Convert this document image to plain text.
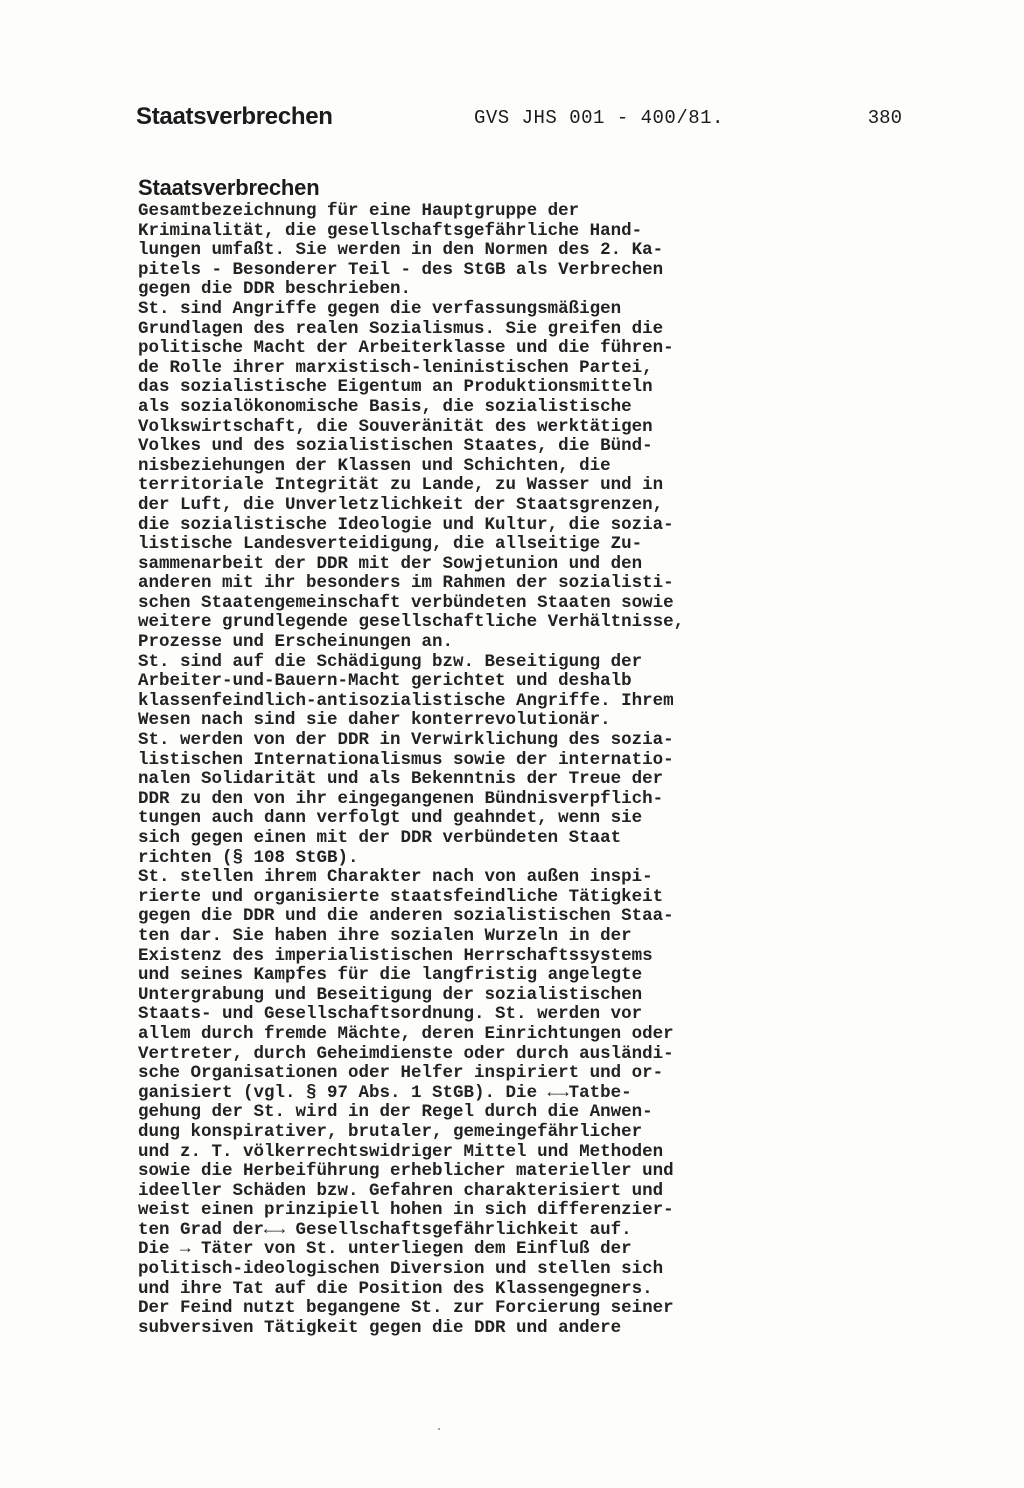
Staatsverbrechen	GVS JHS 001 - 400/81.	380
Staatsverbrechen
Gesamtbezeichnung für eine Hauptgruppe der
Kriminalität, die gesellschaftsgefährliche Hand-
lungen umfaßt. Sie werden in den Normen des 2. Ka-
pitels - Besonderer Teil - des StGB als Verbrechen
gegen die DDR beschrieben.
St. sind Angriffe gegen die verfassungsmäßigen
Grundlagen des realen Sozialismus. Sie greifen die
politische Macht der Arbeiterklasse und die führen-
de Rolle ihrer marxistisch-leninistischen Partei,
das sozialistische Eigentum an Produktionsmitteln
als sozialökonomische Basis, die sozialistische
Volkswirtschaft, die Souveränität des werktätigen
Volkes und des sozialistischen Staates, die Bünd-
nisbeziehungen der Klassen und Schichten, die
territoriale Integrität zu Lande, zu Wasser und in
der Luft, die Unverletzlichkeit der Staatsgrenzen,
die sozialistische Ideologie und Kultur, die sozia-
listische Landesverteidigung, die allseitige Zu-
sammenarbeit der DDR mit der Sowjetunion und den
anderen mit ihr besonders im Rahmen der sozialisti-
schen Staatengemeinschaft verbündeten Staaten sowie
weitere grundlegende gesellschaftliche Verhältnisse,
Prozesse und Erscheinungen an.
St. sind auf die Schädigung bzw. Beseitigung der
Arbeiter-und-Bauern-Macht gerichtet und deshalb
klassenfeindlich-antisozialistische Angriffe. Ihrem
Wesen nach sind sie daher konterrevolutionär.
St. werden von der DDR in Verwirklichung des sozia-
listischen Internationalismus sowie der internatio-
nalen Solidarität und als Bekenntnis der Treue der
DDR zu den von ihr eingegangenen Bündnisverpflich-
tungen auch dann verfolgt und geahndet, wenn sie
sich gegen einen mit der DDR verbündeten Staat
richten (§ 108 StGB).
St. stellen ihrem Charakter nach von außen inspi-
rierte und organisierte staatsfeindliche Tätigkeit
gegen die DDR und die anderen sozialistischen Staa-
ten dar. Sie haben ihre sozialen Wurzeln in der
Existenz des imperialistischen Herrschaftssystems
und seines Kampfes für die langfristig angelegte
Untergrabung und Beseitigung der sozialistischen
Staats- und Gesellschaftsordnung. St. werden vor
allem durch fremde Mächte, deren Einrichtungen oder
Vertreter, durch Geheimdienste oder durch ausländi-
sche Organisationen oder Helfer inspiriert und or-
ganisiert (vgl. § 97 Abs. 1 StGB). Die ←→Tatbe-
gehung der St. wird in der Regel durch die Anwen-
dung konspirativer, brutaler, gemeingefährlicher
und z. T. völkerrechtswidriger Mittel und Methoden
sowie die Herbeiführung erheblicher materieller und
ideeller Schäden bzw. Gefahren charakterisiert und
weist einen prinzipiell hohen in sich differenzier-
ten Grad der←→ Gesellschaftsgefährlichkeit auf.
Die → Täter von St. unterliegen dem Einfluß der
politisch-ideologischen Diversion und stellen sich
und ihre Tat auf die Position des Klassengegners.
Der Feind nutzt begangene St. zur Forcierung seiner
subversiven Tätigkeit gegen die DDR und andere
